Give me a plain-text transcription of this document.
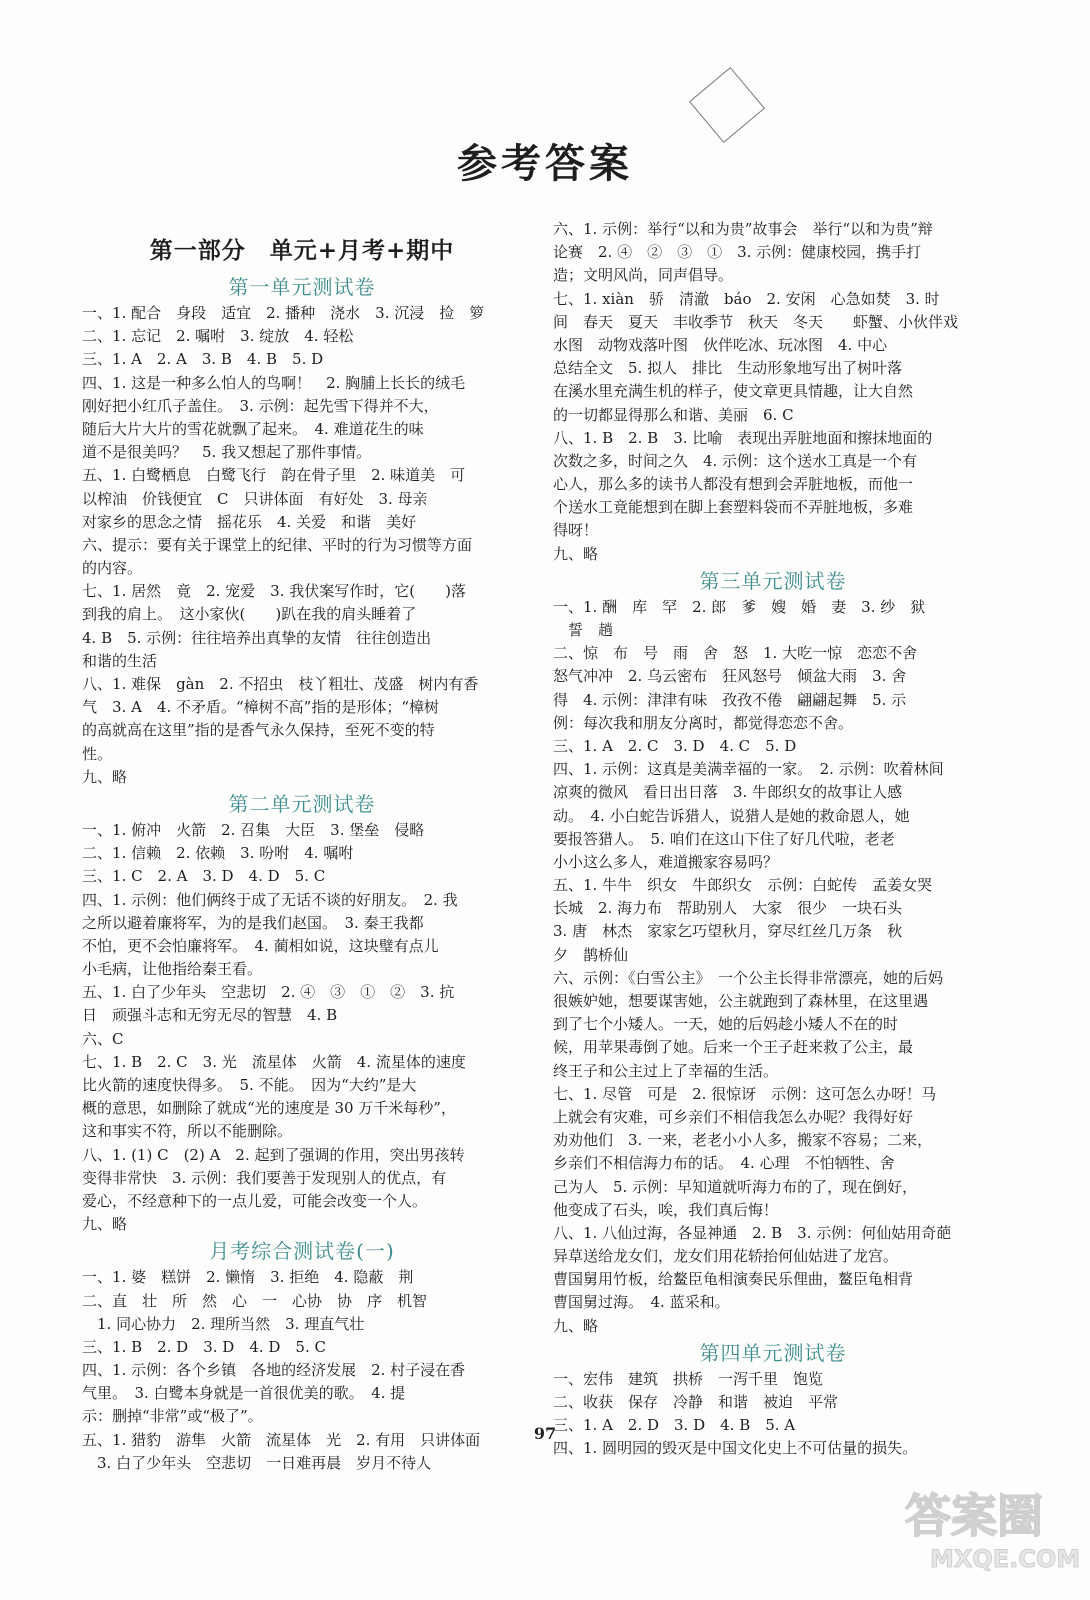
参考答案
第一部分　单元+月考+期中
第一单元测试卷
一、1. 配合　身段　适宜　2. 播种　浇水　3. 沉浸　捡　箩
二、1. 忘记　2. 嘱咐　3. 绽放　4. 轻松
三、1. A　2. A　3. B　4. B　5. D
四、1. 这是一种多么怕人的鸟啊！　2. 胸脯上长长的绒毛
刚好把小红爪子盖住。　3. 示例：起先雪下得并不大，
随后大片大片的雪花就飘了起来。　4. 难道花生的味
道不是很美吗？　5. 我又想起了那件事情。
五、1. 白鹭栖息　白鹭飞行　韵在骨子里　2. 味道美　可
以榨油　价钱便宜　C　只讲体面　有好处　3. 母亲
对家乡的思念之情　摇花乐　4. 关爱　和谐　美好
六、提示：要有关于课堂上的纪律、平时的行为习惯等方面
的内容。
七、1. 居然　竟　2. 宠爱　3. 我伏案写作时，它(　　)落
到我的肩上。　这小家伙(　　)趴在我的肩头睡着了
4. B　5. 示例：往往培养出真挚的友情　往往创造出
和谐的生活
八、1. 难保　gàn　2. 不招虫　枝丫粗壮、茂盛　树内有香
气　3. A　4. 不矛盾。“樟树不高”指的是形体；“樟树
的高就高在这里”指的是香气永久保持，至死不变的特
性。
九、略
第二单元测试卷
一、1. 俯冲　火箭　2. 召集　大臣　3. 堡垒　侵略
二、1. 信赖　2. 依赖　3. 吩咐　4. 嘱咐
三、1. C　2. A　3. D　4. D　5. C
四、1. 示例：他们俩终于成了无话不谈的好朋友。　2. 我
之所以避着廉将军，为的是我们赵国。　3. 秦王我都
不怕，更不会怕廉将军。　4. 蔺相如说，这块璧有点儿
小毛病，让他指给秦王看。
五、1. 白了少年头　空悲切　2. ④　③　①　②　3. 抗
日　顽强斗志和无穷无尽的智慧　4. B
六、C
七、1. B　2. C　3. 光　流星体　火箭　4. 流星体的速度
比火箭的速度快得多。　5. 不能。　因为“大约”是大
概的意思，如删除了就成“光的速度是 30 万千米每秒”，
这和事实不符，所以不能删除。
八、1. (1) C　(2) A　2. 起到了强调的作用，突出男孩转
变得非常快　3. 示例：我们要善于发现别人的优点，有
爱心，不经意种下的一点儿爱，可能会改变一个人。
九、略
月考综合测试卷(一)
一、1. 婆　糕饼　2. 懒惰　3. 拒绝　4. 隐蔽　荆
二、直　壮　所　然　心　一　心协　协　序　机智
　1. 同心协力　2. 理所当然　3. 理直气壮
三、1. B　2. D　3. D　4. D　5. C
四、1. 示例：各个乡镇　各地的经济发展　2. 村子浸在香
气里。　3. 白鹭本身就是一首很优美的歌。　4. 提
示：删掉“非常”或“极了”。
五、1. 猎豹　游隼　火箭　流星体　光　2. 有用　只讲体面
　3. 白了少年头　空悲切　一日难再晨　岁月不待人
六、1. 示例：举行“以和为贵”故事会　举行“以和为贵”辩
论赛　2. ④　②　③　①　3. 示例：健康校园，携手打
造；文明风尚，同声倡导。
七、1. xiàn　骄　清澈　báo　2. 安闲　心急如焚　3. 时
间　春天　夏天　丰收季节　秋天　冬天　　虾蟹、小伙伴戏
水图　动物戏落叶图　伙伴吃冰、玩冰图　4. 中心
总结全文　5. 拟人　排比　生动形象地写出了树叶落
在溪水里充满生机的样子，使文章更具情趣，让大自然
的一切都显得那么和谐、美丽　6. C
八、1. B　2. B　3. 比喻　表现出弄脏地面和擦抹地面的
次数之多，时间之久　4. 示例：这个送水工真是一个有
心人，那么多的读书人都没有想到会弄脏地板，而他一
个送水工竟能想到在脚上套塑料袋而不弄脏地板，多难
得呀！
九、略
第三单元测试卷
一、1. 酬　库　罕　2. 郎　爹　嫂　婚　妻　3. 纱　狱
　誓　趟
二、惊　布　号　雨　舍　怒　1. 大吃一惊　恋恋不舍
怒气冲冲　2. 乌云密布　狂风怒号　倾盆大雨　3. 舍
得　4. 示例：津津有味　孜孜不倦　翩翩起舞　5. 示
例：每次我和朋友分离时，都觉得恋恋不舍。
三、1. A　2. C　3. D　4. C　5. D
四、1. 示例：这真是美满幸福的一家。　2. 示例：吹着林间
凉爽的微风　看日出日落　3. 牛郎织女的故事让人感
动。　4. 小白蛇告诉猎人，说猎人是她的救命恩人，她
要报答猎人。　5. 咱们在这山下住了好几代啦，老老
小小这么多人，难道搬家容易吗？
五、1. 牛牛　织女　牛郎织女　示例：白蛇传　孟姜女哭
长城　2. 海力布　帮助别人　大家　很少　一块石头
3. 唐　林杰　家家乞巧望秋月，穿尽红丝几万条　秋
夕　鹊桥仙
六、示例：《白雪公主》　一个公主长得非常漂亮，她的后妈
很嫉妒她，想要谋害她，公主就跑到了森林里，在这里遇
到了七个小矮人。一天，她的后妈趁小矮人不在的时
候，用苹果毒倒了她。后来一个王子赶来救了公主，最
终王子和公主过上了幸福的生活。
七、1. 尽管　可是　2. 很惊讶　示例：这可怎么办呀！马
上就会有灾难，可乡亲们不相信我怎么办呢？我得好好
劝劝他们　3. 一来，老老小小人多，搬家不容易；二来，
乡亲们不相信海力布的话。　4. 心理　不怕牺牲、舍
己为人　5. 示例：早知道就听海力布的了，现在倒好，
他变成了石头，唉，我们真后悔！
八、1. 八仙过海，各显神通　2. B　3. 示例：何仙姑用奇葩
异草送给龙女们，龙女们用花轿抬何仙姑进了龙宫。
曹国舅用竹板，给鳌臣龟相演奏民乐俚曲，鳌臣龟相背
曹国舅过海。　4. 蓝采和。
九、略
第四单元测试卷
一、宏伟　建筑　拱桥　一泻千里　饱览
二、收获　保存　冷静　和谐　被迫　平常
三、1. A　2. D　3. D　4. B　5. A
四、1. 圆明园的毁灭是中国文化史上不可估量的损失。
97
答案圈
MXQE.COM
